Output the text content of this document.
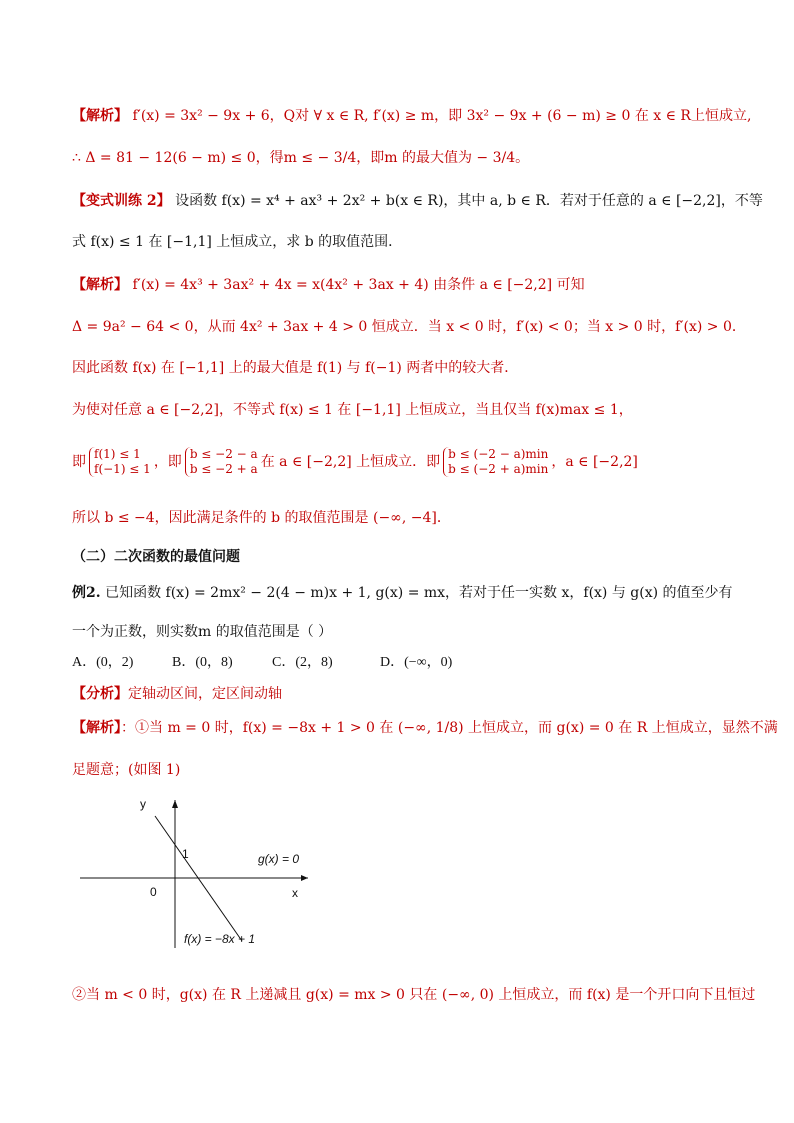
【解析】 f′(x) = 3x² − 9x + 6，Q对 ∀ x ∈ R, f′(x) ≥ m，即 3x² − 9x + (6 − m) ≥ 0 在 x ∈ R上恒成立,
∴ Δ = 81 − 12(6 − m) ≤ 0，得m ≤ − 3/4，即m 的最大值为 − 3/4。
【变式训练 2】 设函数 f(x) = x⁴ + ax³ + 2x² + b(x ∈ R)，其中 a, b ∈ R．若对于任意的 a ∈ [−2,2]，不等
式 f(x) ≤ 1 在 [−1,1] 上恒成立，求 b 的取值范围．
【解析】 f′(x) = 4x³ + 3ax² + 4x = x(4x² + 3ax + 4) 由条件 a ∈ [−2,2] 可知
Δ = 9a² − 64 < 0，从而 4x² + 3ax + 4 > 0 恒成立．当 x < 0 时，f′(x) < 0；当 x > 0 时，f′(x) > 0．
因此函数 f(x) 在 [−1,1] 上的最大值是 f(1) 与 f(−1) 两者中的较大者．
为使对任意 a ∈ [−2,2]，不等式 f(x) ≤ 1 在 [−1,1] 上恒成立，当且仅当 f(x)max ≤ 1，
即 f(1) ≤ 1
f(−1) ≤ 1 ，即 b ≤ −2 − a
b ≤ −2 + a 在 a ∈ [−2,2] 上恒成立．即 b ≤ (−2 − a)min
b ≤ (−2 + a)min ，a ∈ [−2,2]
所以 b ≤ −4，因此满足条件的 b 的取值范围是 (−∞, −4]．
（二）二次函数的最值问题
例2. 已知函数 f(x) = 2mx² − 2(4 − m)x + 1, g(x) = mx，若对于任一实数 x，f(x) 与 g(x) 的值至少有
一个为正数，则实数m 的取值范围是（ ）
A．(0，2)	B．(0，8)	C．(2，8)	D．(−∞，0)
【分析】定轴动区间，定区间动轴
【解析】：①当 m = 0 时，f(x) = −8x + 1 > 0 在 (−∞, 1/8) 上恒成立，而 g(x) = 0 在 R 上恒成立，显然不满
足题意；(如图 1)
y
x
0
1	g(x) = 0
f(x) = −8x + 1
②当 m < 0 时，g(x) 在 R 上递减且 g(x) = mx > 0 只在 (−∞, 0) 上恒成立，而 f(x) 是一个开口向下且恒过
